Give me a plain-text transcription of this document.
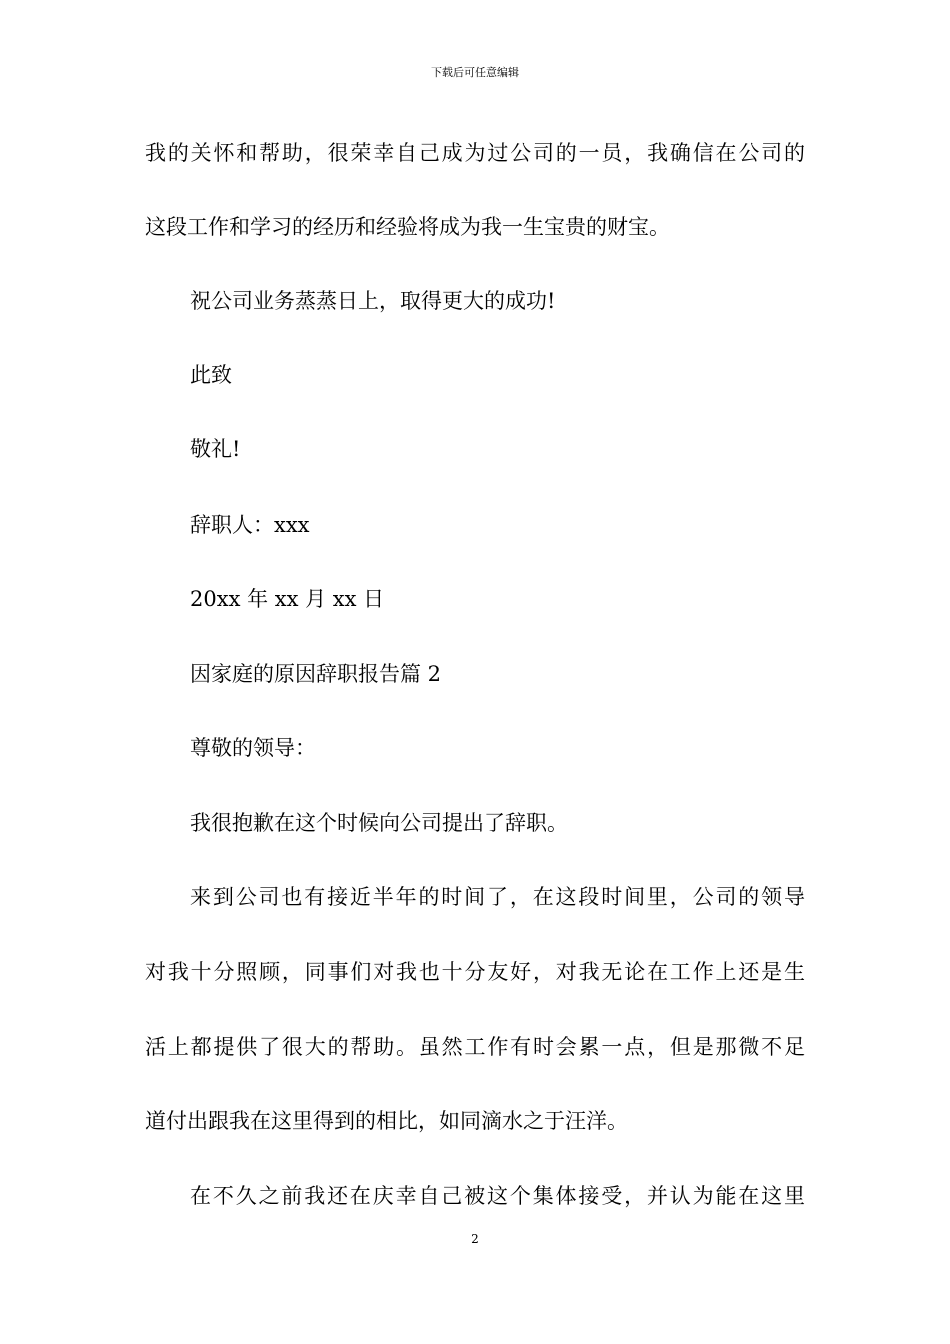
下载后可任意编辑
我的关怀和帮助，很荣幸自己成为过公司的一员，我确信在公司的
这段工作和学习的经历和经验将成为我一生宝贵的财宝。
祝公司业务蒸蒸日上，取得更大的成功!
此致
敬礼!
辞职人：xxx
20xx 年 xx 月 xx 日
因家庭的原因辞职报告篇 2
尊敬的领导：
我很抱歉在这个时候向公司提出了辞职。
来到公司也有接近半年的时间了，在这段时间里，公司的领导
对我十分照顾，同事们对我也十分友好，对我无论在工作上还是生
活上都提供了很大的帮助。虽然工作有时会累一点，但是那微不足
道付出跟我在这里得到的相比，如同滴水之于汪洋。
在不久之前我还在庆幸自己被这个集体接受，并认为能在这里
2
